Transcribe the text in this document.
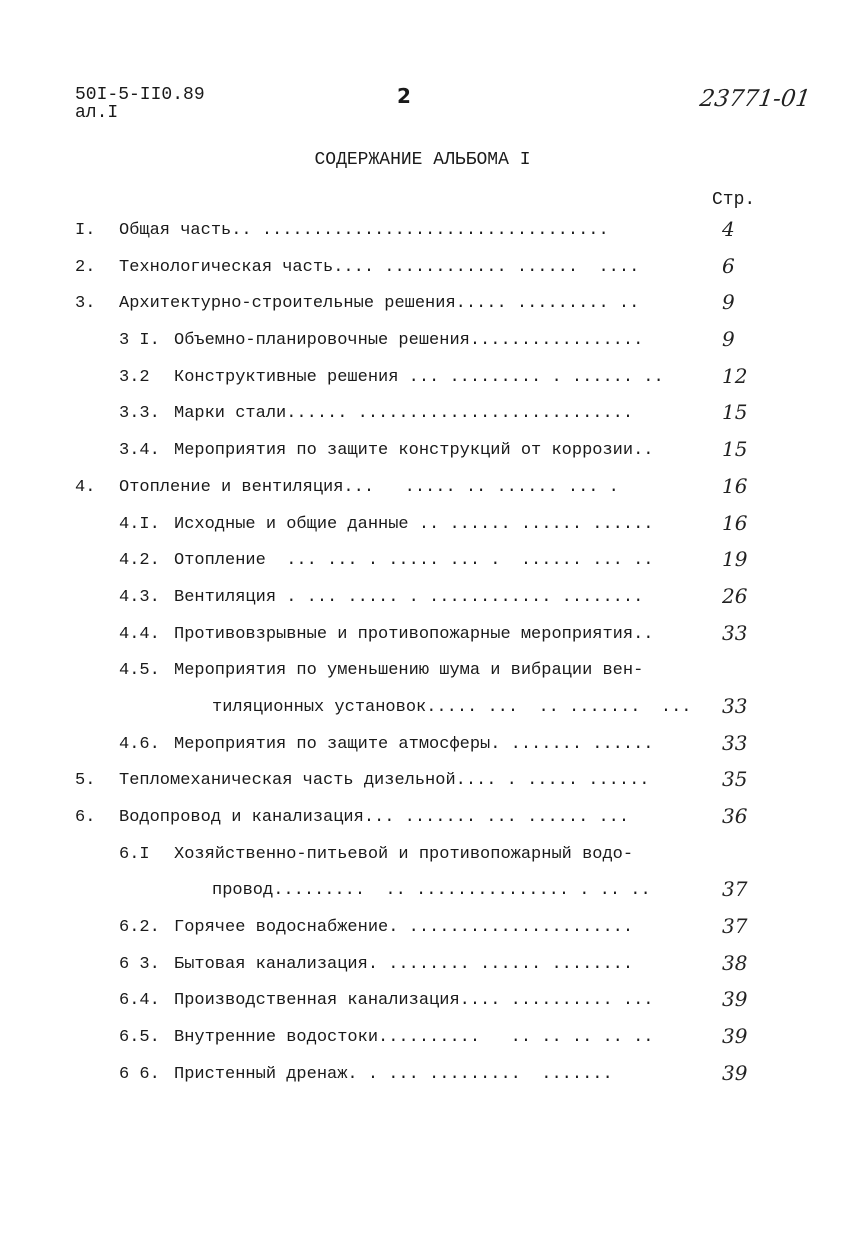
50I-5-II0.89
ал.I
2	23771-01
СОДЕРЖАНИЕ АЛЬБОМА I
Стр.
I. Общая часть.. ..................................	4
2. Технологическая часть.... ............ ......  ....	6
3. Архитектурно-строительные решения..... ......... ..	9
3 I. Объемно-планировочные решения.................	9
3.2 Конструктивные решения ... ......... . ...... ..	12
3.3. Марки стали...... ...........................	15
3.4. Мероприятия по защите конструкций от коррозии..	15
4. Отопление и вентиляция...   ..... .. ...... ... .	16
4.I. Исходные и общие данные .. ...... ...... ......	16
4.2. Отопление  ... ... . ..... ... .  ...... ... ..	19
4.3. Вентиляция . ... ..... . ............ ........	26
4.4. Противовзрывные и противопожарные мероприятия..	33
4.5. Мероприятия по уменьшению шума и вибрации вен-
тиляционных установок..... ...  .. .......  ... 33
4.6. Мероприятия по защите атмосферы. ....... ......	33
5. Тепломеханическая часть дизельной.... . ..... ......	35
6. Водопровод и канализация... ....... ... ...... ...	36
6.I Хозяйственно-питьевой и противопожарный водо-
провод.........  .. ............... . .. ..	37
6.2. Горячее водоснабжение. ......................	37
6 3. Бытовая канализация. ........ ...... ........	38
6.4. Производственная канализация.... .......... ...	39
6.5. Внутренние водостоки..........   .. .. .. .. ..	39
6 6. Пристенный дренаж. . ... .........  .......	39
